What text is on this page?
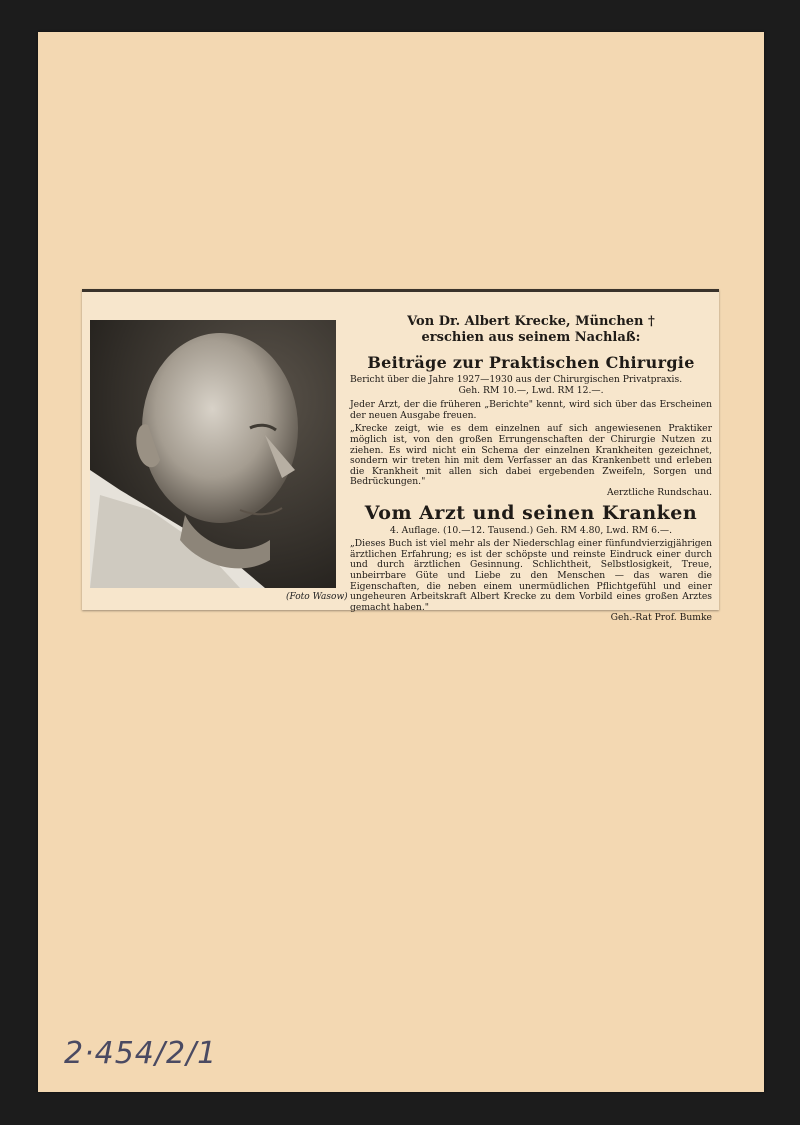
(Foto Wasow)
Von Dr. Albert Krecke, München †
erschien aus seinem Nachlaß:
Beiträge zur Praktischen Chirurgie

Bericht über die Jahre 1927—1930 aus der Chirurgischen Privatpraxis.

Geh. RM 10.—, Lwd. RM 12.—.

Jeder Arzt, der die früheren „Berichte" kennt, wird sich über das Erscheinen der neuen Ausgabe freuen.

„Krecke zeigt, wie es dem einzelnen auf sich angewiesenen Praktiker möglich ist, von den großen Errungenschaften der Chirurgie Nutzen zu ziehen. Es wird nicht ein Schema der einzelnen Krankheiten gezeichnet, sondern wir treten hin mit dem Verfasser an das Krankenbett und erleben die Krankheit mit allen sich dabei ergebenden Zweifeln, Sorgen und Bedrückungen."

Aerztliche Rundschau.

Vom Arzt und seinen Kranken

4. Auflage. (10.—12. Tausend.) Geh. RM 4.80, Lwd. RM 6.—.

„Dieses Buch ist viel mehr als der Niederschlag einer fünfundvierzigjährigen ärztlichen Erfahrung; es ist der schöpste und reinste Eindruck einer durch und durch ärztlichen Gesinnung. Schlichtheit, Selbstlosigkeit, Treue, unbeirrbare Güte und Liebe zu den Menschen — das waren die Eigenschaften, die neben einem unermüdlichen Pflichtgefühl und einer ungeheuren Arbeitskraft Albert Krecke zu dem Vorbild eines großen Arztes gemacht haben."

Geh.-Rat Prof. Bumke

2·454/2/1
